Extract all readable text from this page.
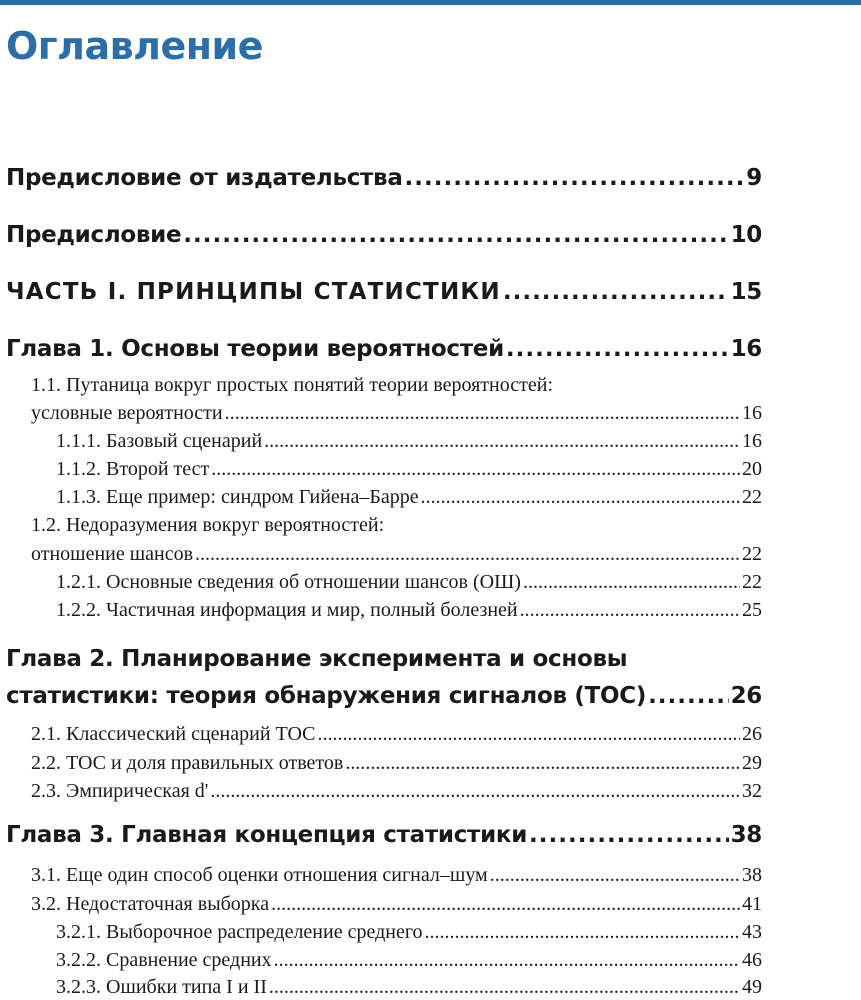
Оглавление
Предисловие от издательства .....	9
Предисловие .....	10
ЧАСТЬ I. ПРИНЦИПЫ СТАТИСТИКИ .....	15
Глава 1. Основы теории вероятностей .....	16
1.1. Путаница вокруг простых понятий теории вероятностей:
условные вероятности .....	16
1.1.1. Базовый сценарий .....	16
1.1.2. Второй тест .....	20
1.1.3. Еще пример: синдром Гийена–Барре .....	22
1.2. Недоразумения вокруг вероятностей:
отношение шансов .....	22
1.2.1. Основные сведения об отношении шансов (ОШ) .....	22
1.2.2. Частичная информация и мир, полный болезней .....	25
Глава 2. Планирование эксперимента и основы
статистики: теория обнаружения сигналов (ТОС) .....	26
2.1. Классический сценарий ТОС .....	26
2.2. ТОС и доля правильных ответов .....	29
2.3. Эмпирическая d' .....	32
Глава 3. Главная концепция статистики .....	38
3.1. Еще один способ оценки отношения сигнал–шум .....	38
3.2. Недостаточная выборка .....	41
3.2.1. Выборочное распределение среднего .....	43
3.2.2. Сравнение средних .....	46
3.2.3. Ошибки типа I и II .....	49
